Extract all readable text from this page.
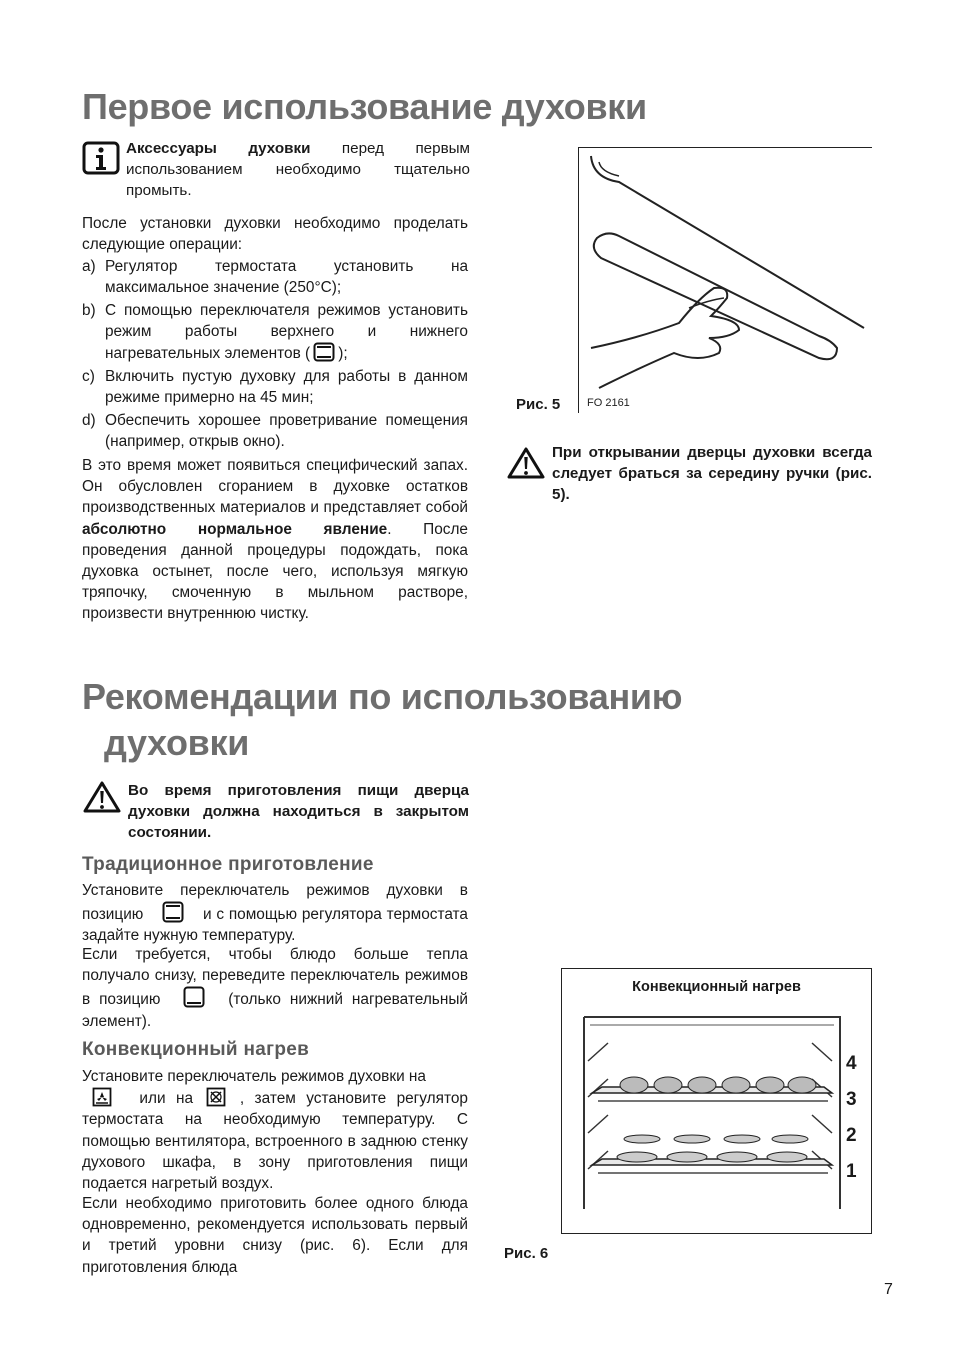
Первое использование духовки
Аксессуары духовки перед первым использованием необходимо тщательно промыть.
После установки духовки необходимо проделать следующие операции:
a) Регулятор термостата установить на максимальное значение (250°C);
b) С помощью переключателя режимов установить режим работы верхнего и нижнего нагревательных элементов ( );
c) Включить пустую духовку для работы в данном режиме примерно на 45 мин;
d) Обеспечить хорошее проветривание помещения (например, открыв окно).
В это время может появиться специфический запах. Он обусловлен сгоранием в духовке остатков производственных материалов и представляет собой абсолютно нормальное явление. После проведения данной процедуры подождать, пока духовка остынет, после чего, используя мягкую тряпочку, смоченную в мыльном растворе, произвести внутреннюю чистку.
FO 2161
Рис. 5
При открывании дверцы духовки всегда следует браться за середину ручки (рис. 5).
Рекомендации по использованию
духовки
Во время приготовления пищи дверца духовки должна находиться в закрытом состоянии.
Традиционное приготовление
Установите переключатель режимов духовки в позицию	и с помощью регулятора термостата задайте нужную температуру.
Если требуется, чтобы блюдо больше тепла получало снизу, переведите переключатель режимов в позицию	(только нижний нагревательный элемент).
Конвекционный нагрев
Установите переключатель режимов духовки на
или на	, затем установите регулятор термостата на необходимую температуру. С помощью вентилятора, встроенного в заднюю стенку духового шкафа, в зону приготовления пищи подается нагретый воздух.
Если необходимо приготовить более одного блюда одновременно, рекомендуется использовать первый и третий уровни снизу (рис. 6). Если для приготовления блюда
Конвекционный нагрев
4
3
2
1
Рис. 6
7
